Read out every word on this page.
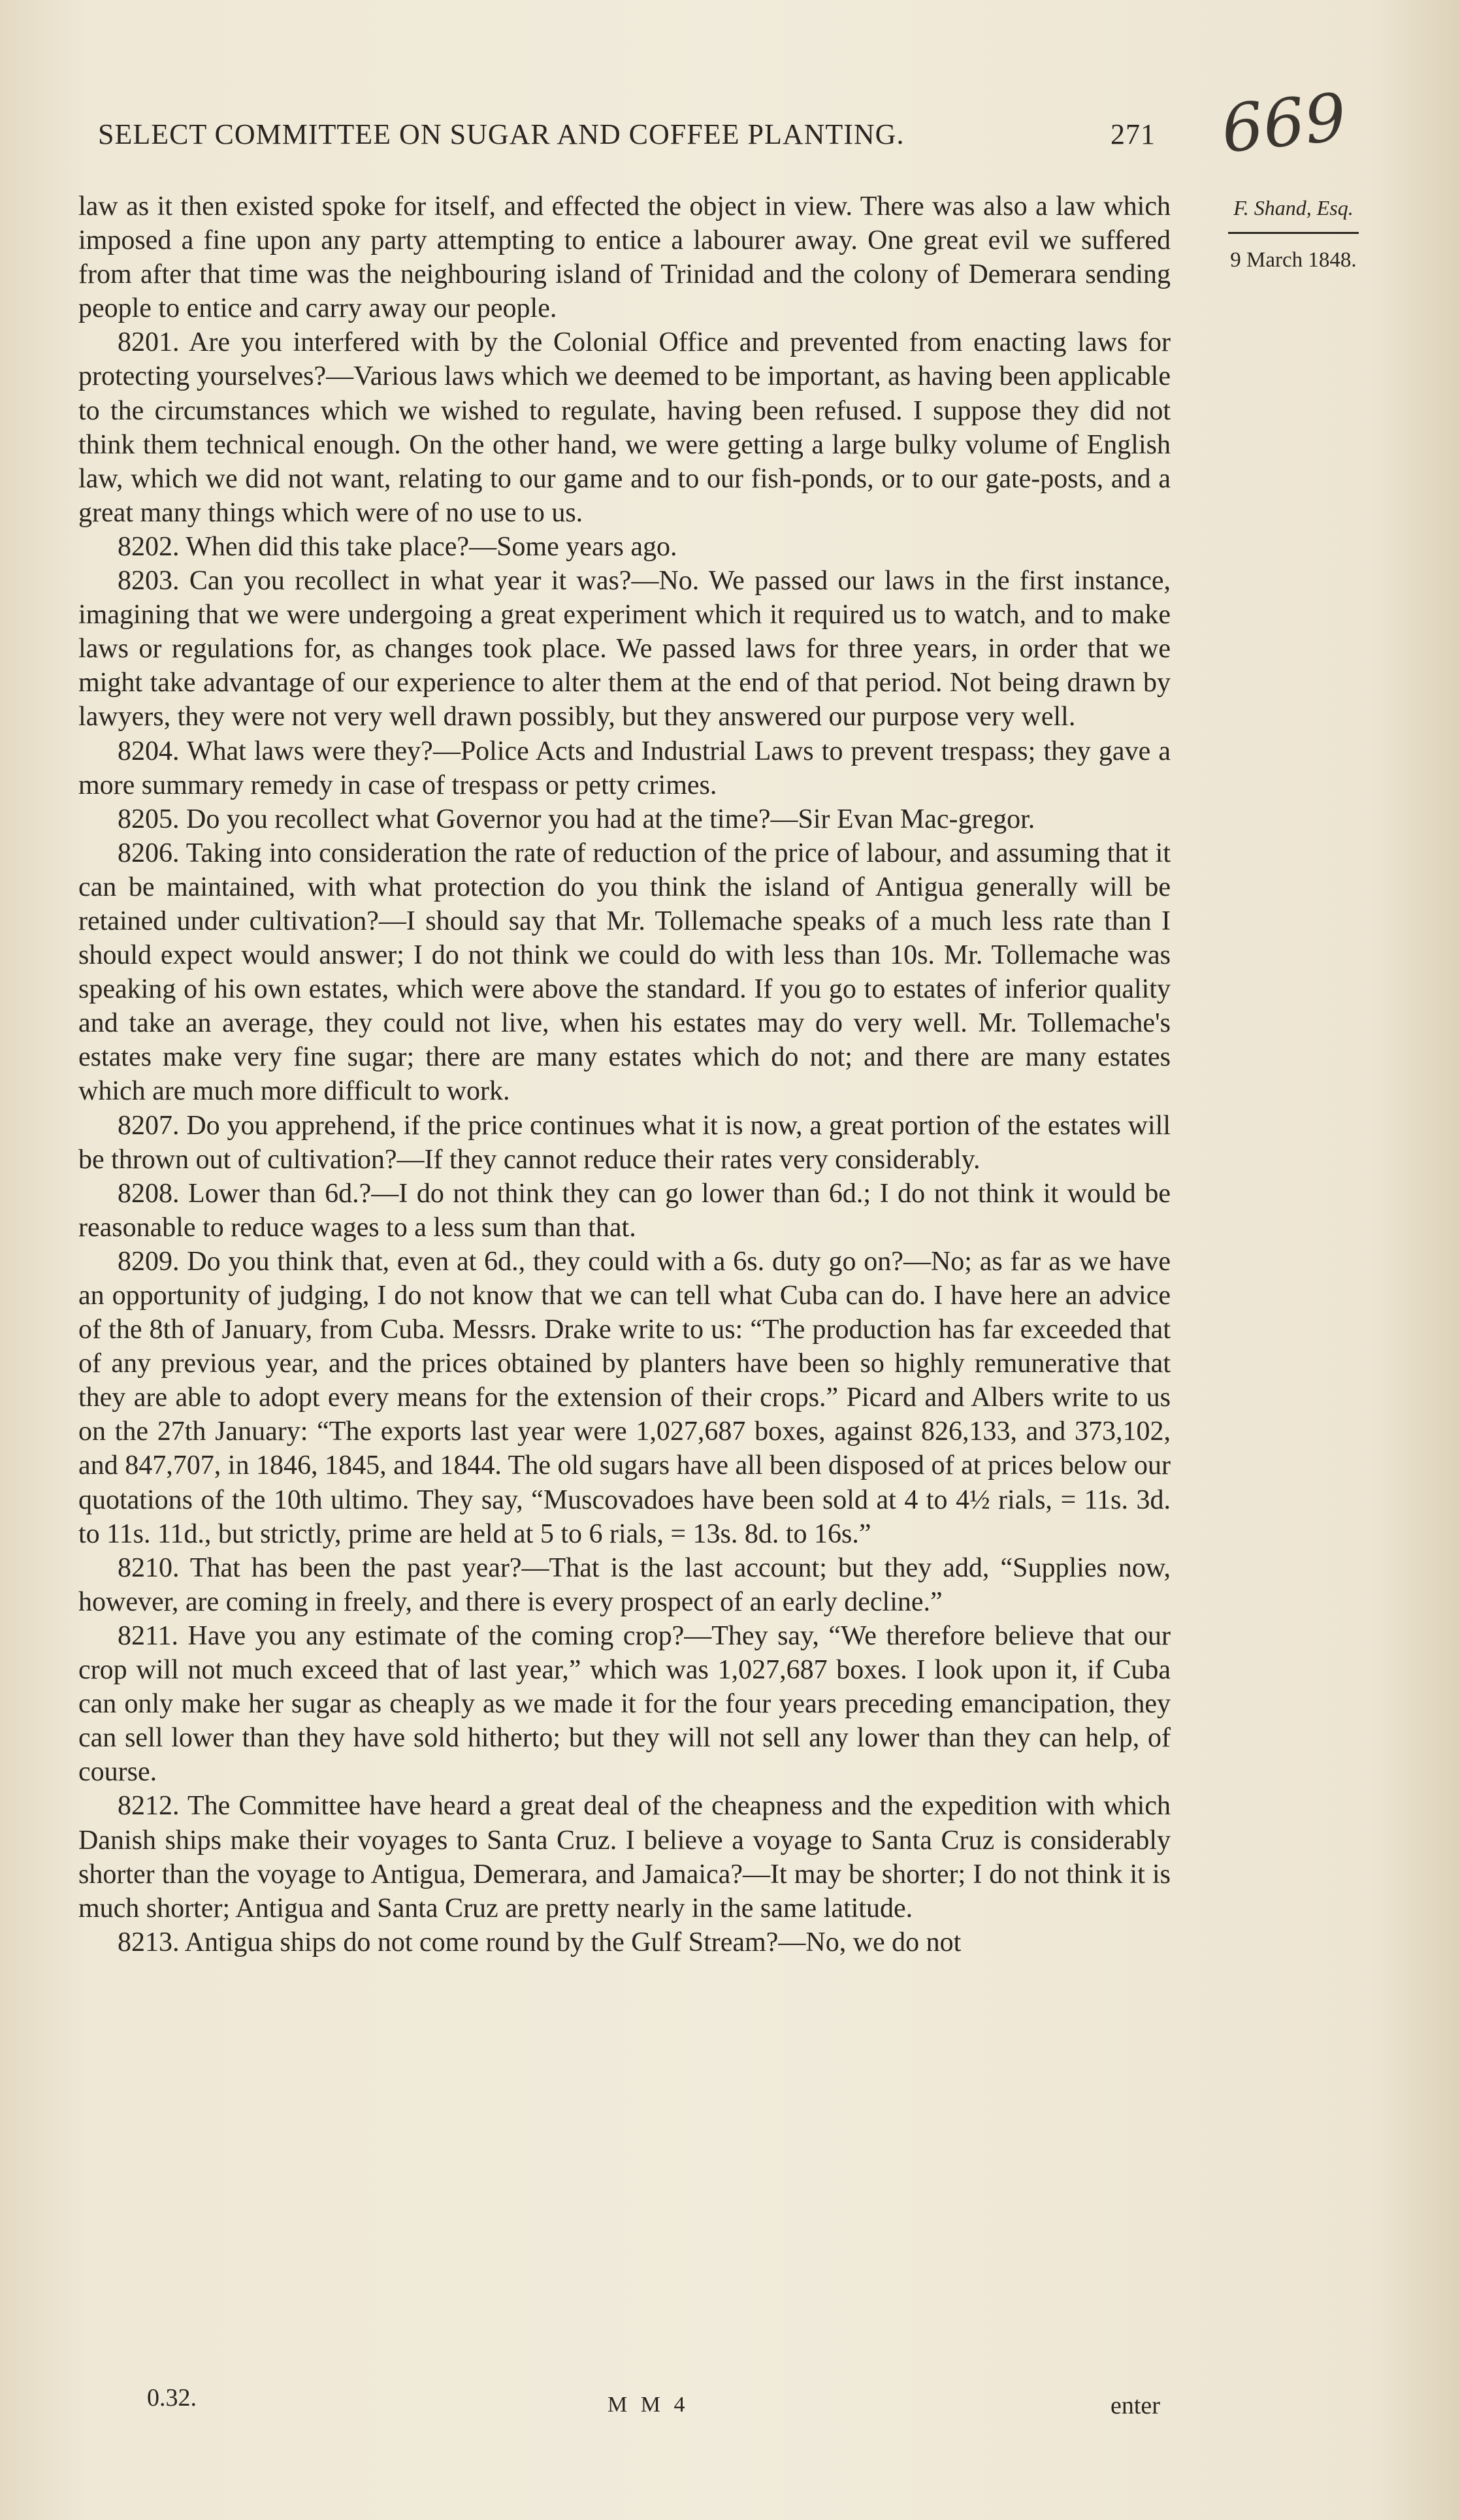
SELECT COMMITTEE ON SUGAR AND COFFEE PLANTING.	271 669
F. Shand, Esq.
9 March 1848.

law as it then existed spoke for itself, and effected the object in view. There was also a law which imposed a fine upon any party attempting to entice a labourer away. One great evil we suffered from after that time was the neighbouring island of Trinidad and the colony of Demerara sending people to entice and carry away our people.

8201. Are you interfered with by the Colonial Office and prevented from enacting laws for protecting yourselves?—Various laws which we deemed to be important, as having been applicable to the circumstances which we wished to regulate, having been refused. I suppose they did not think them technical enough. On the other hand, we were getting a large bulky volume of English law, which we did not want, relating to our game and to our fish-ponds, or to our gate-posts, and a great many things which were of no use to us.

8202. When did this take place?—Some years ago.

8203. Can you recollect in what year it was?—No. We passed our laws in the first instance, imagining that we were undergoing a great experiment which it required us to watch, and to make laws or regulations for, as changes took place. We passed laws for three years, in order that we might take advantage of our experience to alter them at the end of that period. Not being drawn by lawyers, they were not very well drawn possibly, but they answered our purpose very well.

8204. What laws were they?—Police Acts and Industrial Laws to prevent trespass; they gave a more summary remedy in case of trespass or petty crimes.

8205. Do you recollect what Governor you had at the time?—Sir Evan Mac-gregor.

8206. Taking into consideration the rate of reduction of the price of labour, and assuming that it can be maintained, with what protection do you think the island of Antigua generally will be retained under cultivation?—I should say that Mr. Tollemache speaks of a much less rate than I should expect would answer; I do not think we could do with less than 10s. Mr. Tollemache was speaking of his own estates, which were above the standard. If you go to estates of inferior quality and take an average, they could not live, when his estates may do very well. Mr. Tollemache's estates make very fine sugar; there are many estates which do not; and there are many estates which are much more difficult to work.

8207. Do you apprehend, if the price continues what it is now, a great portion of the estates will be thrown out of cultivation?—If they cannot reduce their rates very considerably.

8208. Lower than 6d.?—I do not think they can go lower than 6d.; I do not think it would be reasonable to reduce wages to a less sum than that.

8209. Do you think that, even at 6d., they could with a 6s. duty go on?—No; as far as we have an opportunity of judging, I do not know that we can tell what Cuba can do. I have here an advice of the 8th of January, from Cuba. Messrs. Drake write to us: “The production has far exceeded that of any previous year, and the prices obtained by planters have been so highly remunerative that they are able to adopt every means for the extension of their crops.” Picard and Albers write to us on the 27th January: “The exports last year were 1,027,687 boxes, against 826,133, and 373,102, and 847,707, in 1846, 1845, and 1844. The old sugars have all been disposed of at prices below our quotations of the 10th ultimo. They say, “Muscovadoes have been sold at 4 to 4½ rials, = 11s. 3d. to 11s. 11d., but strictly, prime are held at 5 to 6 rials, = 13s. 8d. to 16s.”

8210. That has been the past year?—That is the last account; but they add, “Supplies now, however, are coming in freely, and there is every prospect of an early decline.”

8211. Have you any estimate of the coming crop?—They say, “We therefore believe that our crop will not much exceed that of last year,” which was 1,027,687 boxes. I look upon it, if Cuba can only make her sugar as cheaply as we made it for the four years preceding emancipation, they can sell lower than they have sold hitherto; but they will not sell any lower than they can help, of course.

8212. The Committee have heard a great deal of the cheapness and the expedition with which Danish ships make their voyages to Santa Cruz. I believe a voyage to Santa Cruz is considerably shorter than the voyage to Antigua, Demerara, and Jamaica?—It may be shorter; I do not think it is much shorter; Antigua and Santa Cruz are pretty nearly in the same latitude.

8213. Antigua ships do not come round by the Gulf Stream?—No, we do not

0.32.	M M 4	enter
